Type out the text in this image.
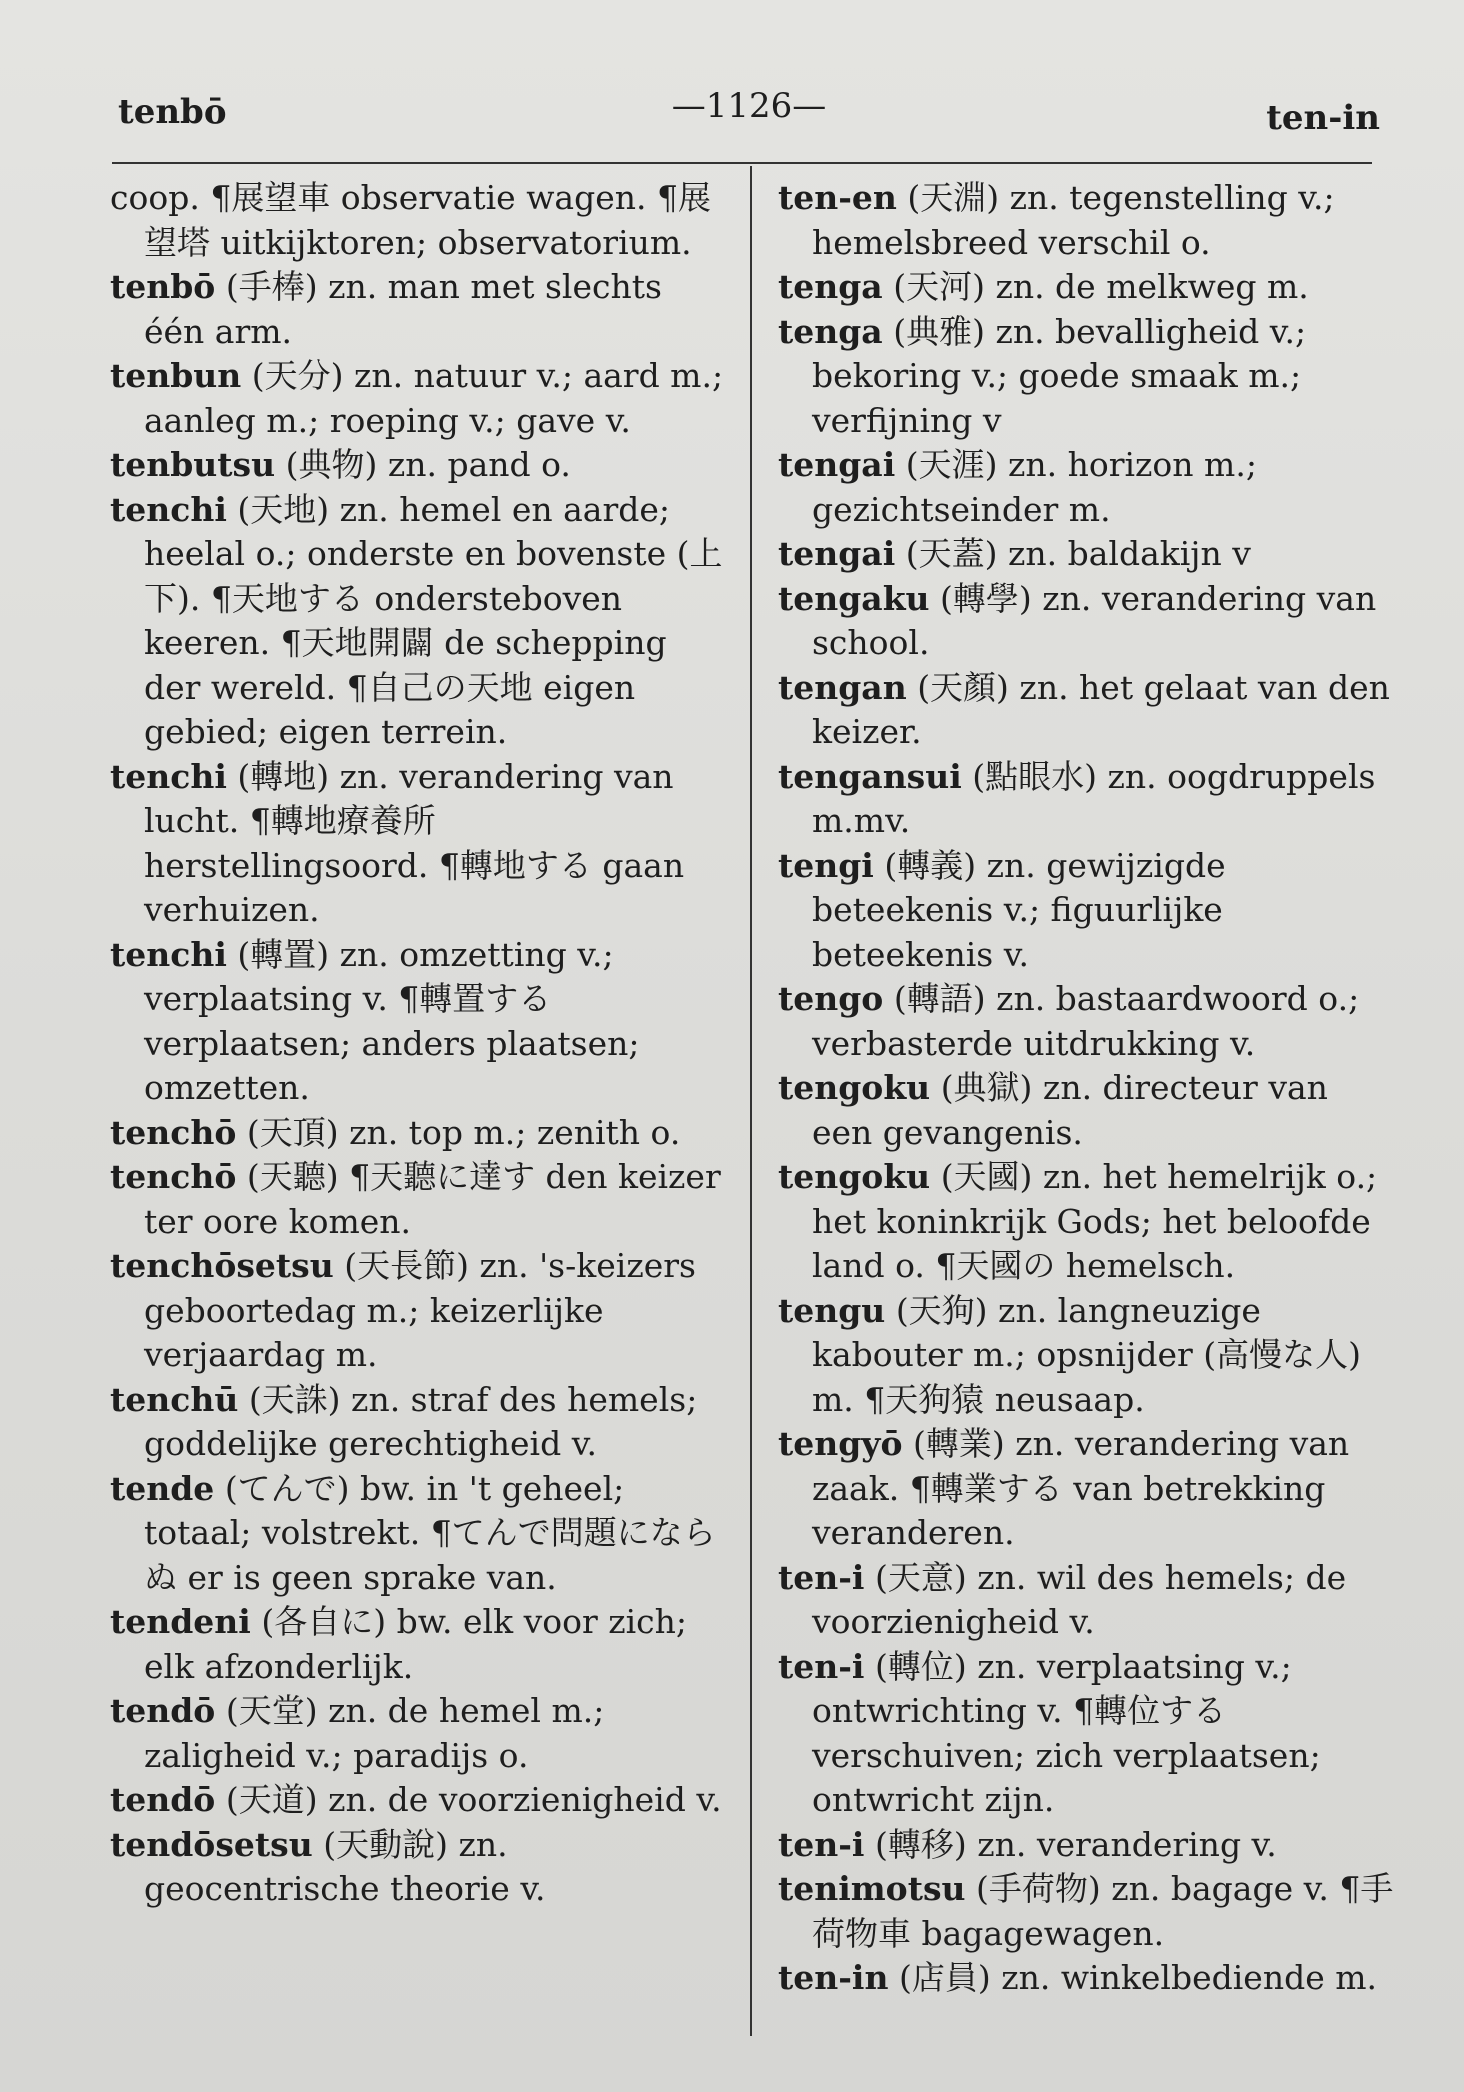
tenbō	—1126—	ten-in

coop. ¶展望車 observatie wagen. ¶展望塔 uitkijktoren; observatorium.

tenbō (手棒) zn. man met slechts één arm.

tenbun (天分) zn. natuur v.; aard m.; aanleg m.; roeping v.; gave v.

tenbutsu (典物) zn. pand o.

tenchi (天地) zn. hemel en aarde; heelal o.; onderste en bovenste (上下). ¶天地する ondersteboven keeren. ¶天地開闢 de schepping der wereld. ¶自己の天地 eigen gebied; eigen terrein.

tenchi (轉地) zn. verandering van lucht. ¶轉地療養所 herstellingsoord. ¶轉地する gaan verhuizen.

tenchi (轉置) zn. omzetting v.; verplaatsing v. ¶轉置する verplaatsen; anders plaatsen; omzetten.

tenchō (天頂) zn. top m.; zenith o.

tenchō (天聽) ¶天聽に達す den keizer ter oore komen.

tenchōsetsu (天長節) zn. 's-keizers geboortedag m.; keizerlijke verjaardag m.

tenchū (天誅) zn. straf des hemels; goddelijke gerechtigheid v.

tende (てんで) bw. in 't geheel; totaal; volstrekt. ¶てんで問題にならぬ er is geen sprake van.

tendeni (各自に) bw. elk voor zich; elk afzonderlijk.

tendō (天堂) zn. de hemel m.; zaligheid v.; paradijs o.

tendō (天道) zn. de voorzienigheid v.

tendōsetsu (天動說) zn. geocentrische theorie v.

ten-en (天淵) zn. tegenstelling v.; hemelsbreed verschil o.

tenga (天河) zn. de melkweg m.

tenga (典雅) zn. bevalligheid v.; bekoring v.; goede smaak m.; verfijning v

tengai (天涯) zn. horizon m.; gezichtseinder m.

tengai (天蓋) zn. baldakijn v

tengaku (轉學) zn. verandering van school.

tengan (天顏) zn. het gelaat van den keizer.

tengansui (點眼水) zn. oogdruppels m.mv.

tengi (轉義) zn. gewijzigde beteekenis v.; figuurlijke beteekenis v.

tengo (轉語) zn. bastaardwoord o.; verbasterde uitdrukking v.

tengoku (典獄) zn. directeur van een gevangenis.

tengoku (天國) zn. het hemelrijk o.; het koninkrijk Gods; het beloofde land o. ¶天國の hemelsch.

tengu (天狗) zn. langneuzige kabouter m.; opsnijder (高慢な人) m. ¶天狗猿 neusaap.

tengyō (轉業) zn. verandering van zaak. ¶轉業する van betrekking veranderen.

ten-i (天意) zn. wil des hemels; de voorzienigheid v.

ten-i (轉位) zn. verplaatsing v.; ontwrichting v. ¶轉位する verschuiven; zich verplaatsen; ontwricht zijn.

ten-i (轉移) zn. verandering v.

tenimotsu (手荷物) zn. bagage v. ¶手荷物車 bagagewagen.

ten-in (店員) zn. winkelbediende m.
